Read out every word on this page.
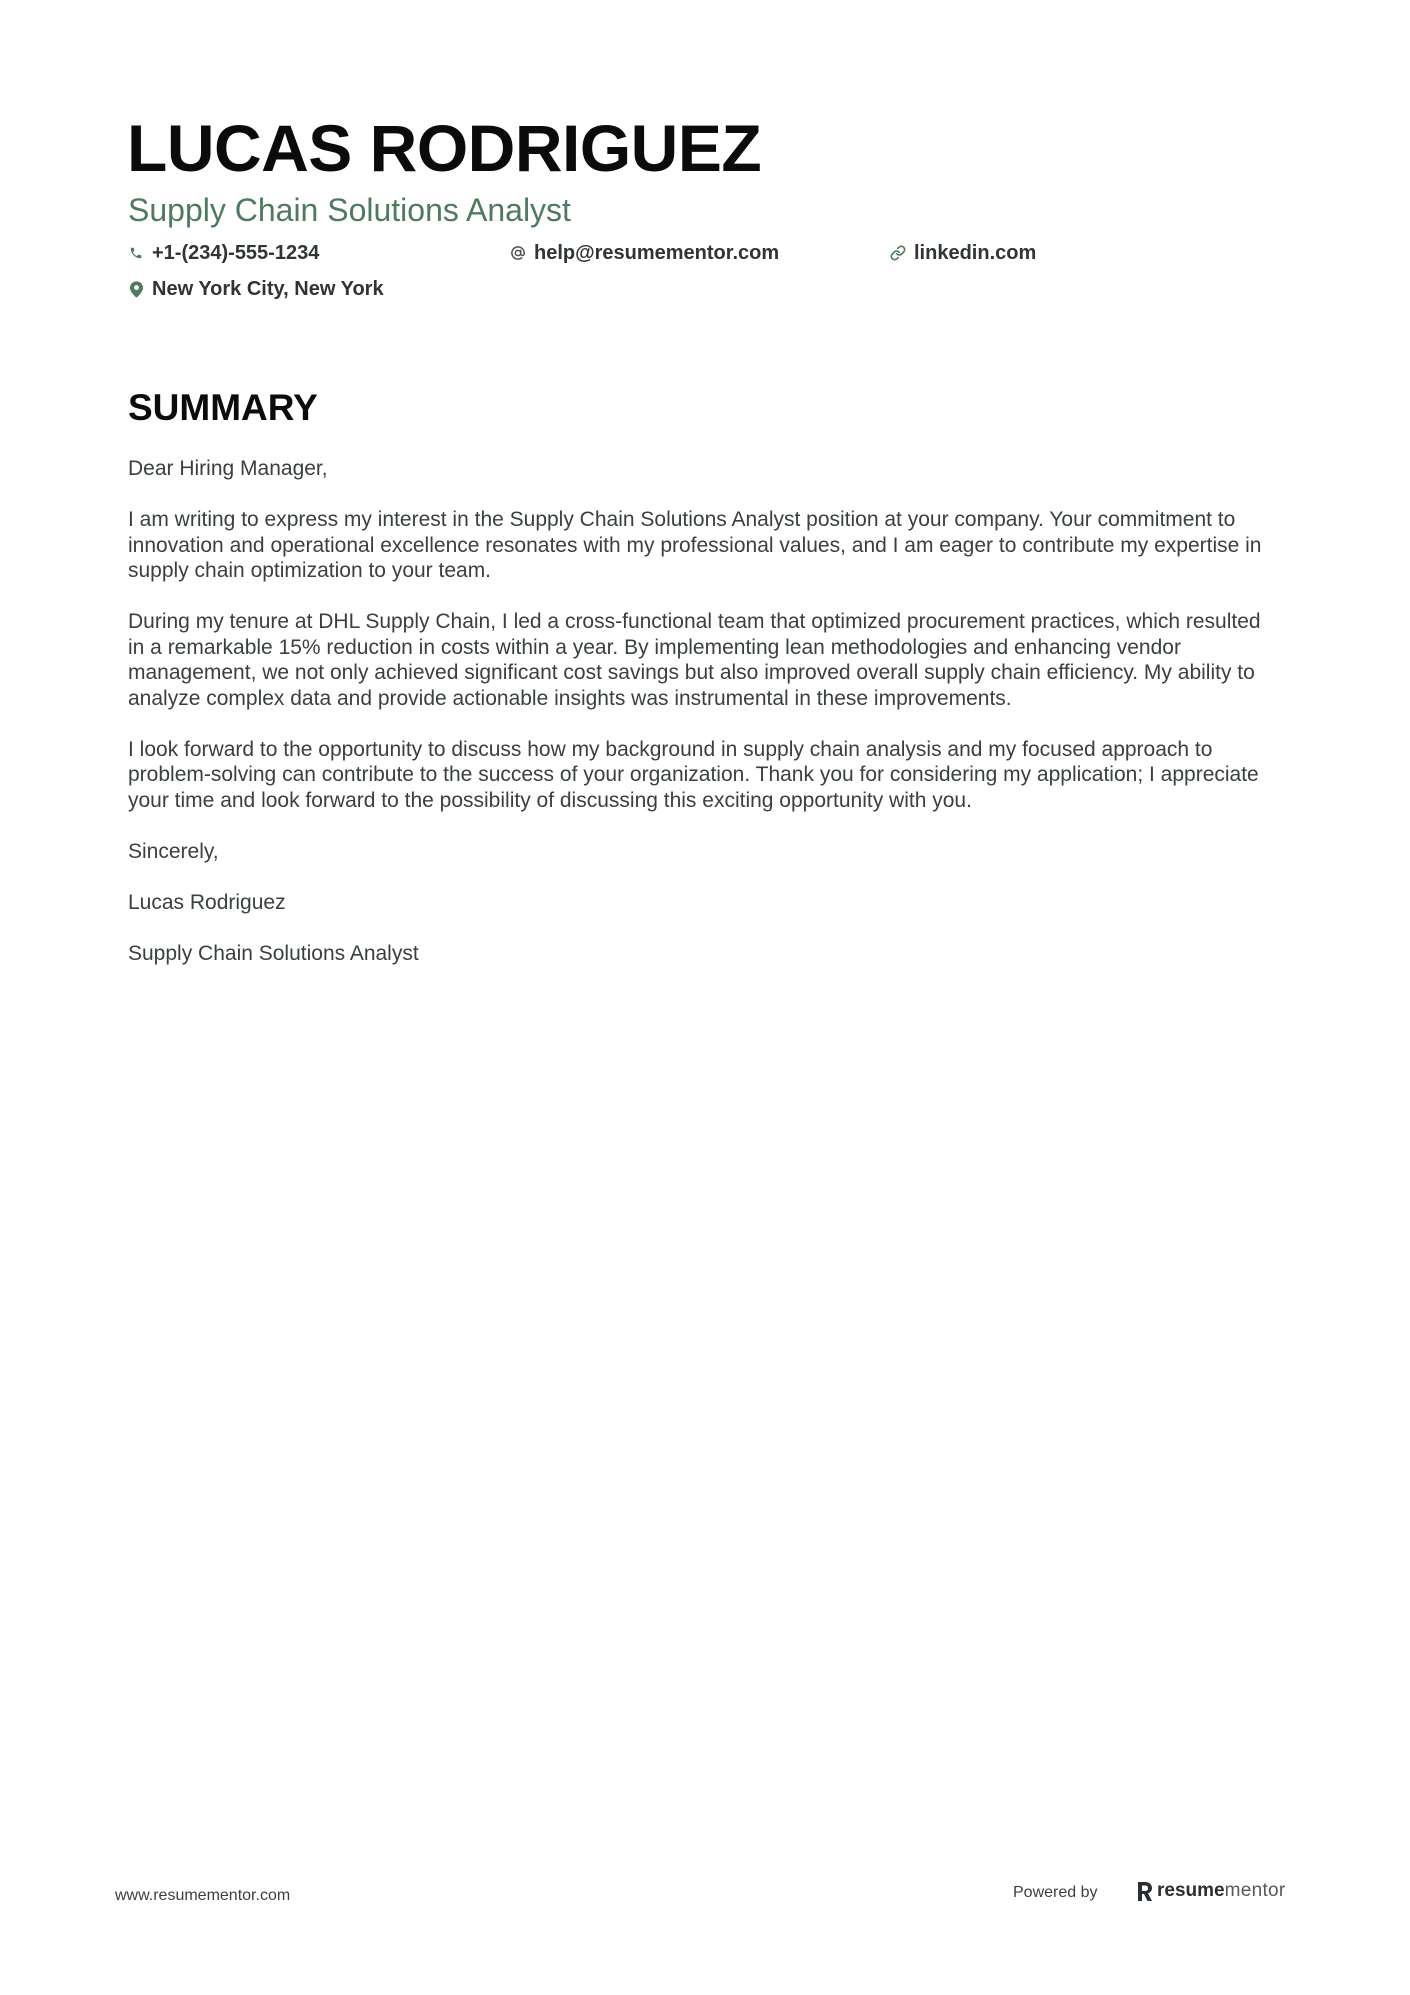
LUCAS RODRIGUEZ
Supply Chain Solutions Analyst
+1-(234)-555-1234	help@resumementor.com	linkedin.com
New York City, New York
SUMMARY

Dear Hiring Manager,

I am writing to express my interest in the Supply Chain Solutions Analyst position at your company. Your commitment to innovation and operational excellence resonates with my professional values, and I am eager to contribute my expertise in supply chain optimization to your team.

During my tenure at DHL Supply Chain, I led a cross-functional team that optimized procurement practices, which resulted in a remarkable 15% reduction in costs within a year. By implementing lean methodologies and enhancing vendor management, we not only achieved significant cost savings but also improved overall supply chain efficiency. My ability to analyze complex data and provide actionable insights was instrumental in these improvements.

I look forward to the opportunity to discuss how my background in supply chain analysis and my focused approach to problem-solving can contribute to the success of your organization. Thank you for considering my application; I appreciate your time and look forward to the possibility of discussing this exciting opportunity with you.

Sincerely,

Lucas Rodriguez

Supply Chain Solutions Analyst

www.resumementor.com	Powered by	resume mentor
